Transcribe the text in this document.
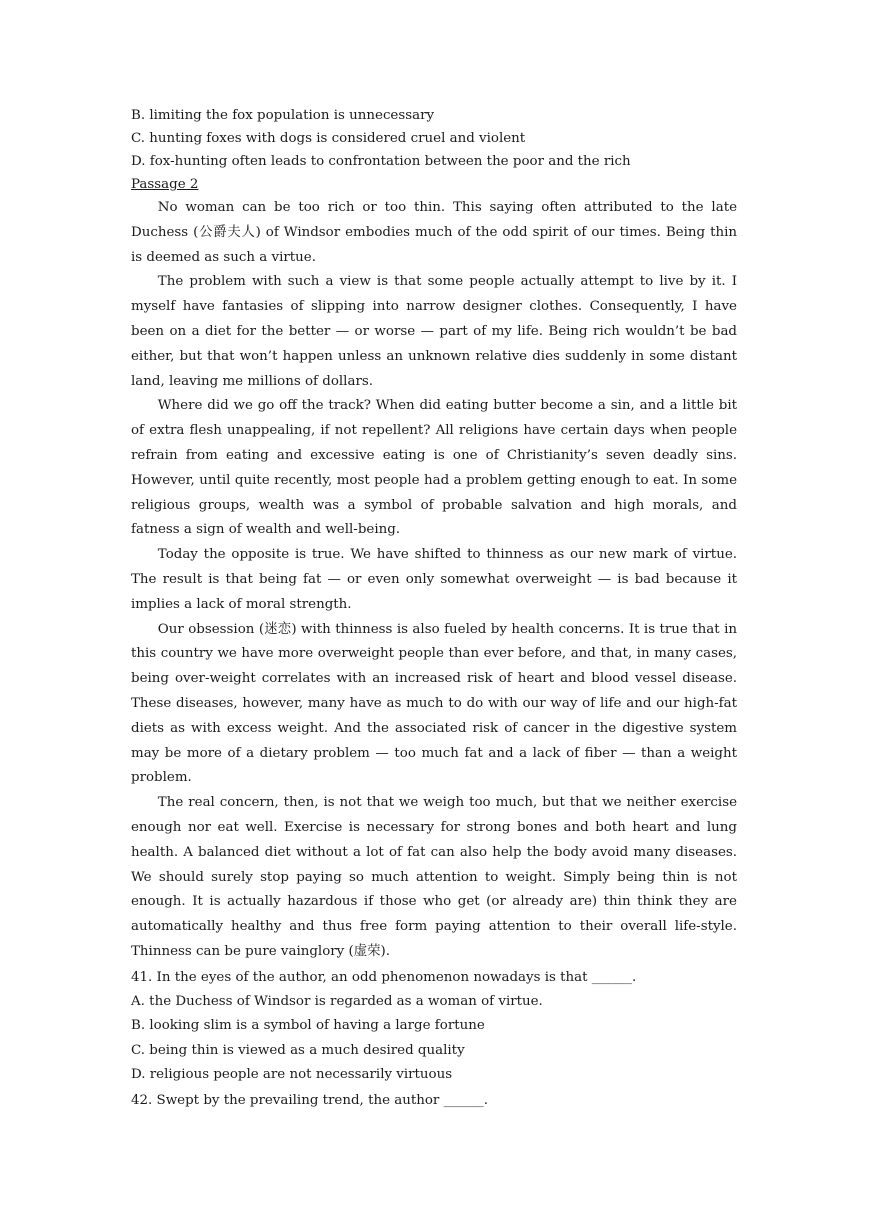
B. limiting the fox population is unnecessary

C. hunting foxes with dogs is considered cruel and violent

D. fox-hunting often leads to confrontation between the poor and the rich

Passage 2

No woman can be too rich or too thin. This saying often attributed to the late Duchess (公爵夫人) of Windsor embodies much of the odd spirit of our times. Being thin is deemed as such a virtue.

The problem with such a view is that some people actually attempt to live by it. I myself have fantasies of slipping into narrow designer clothes. Consequently, I have been on a diet for the better — or worse — part of my life. Being rich wouldn’t be bad either, but that won’t happen unless an unknown relative dies suddenly in some distant land, leaving me millions of dollars.

Where did we go off the track? When did eating butter become a sin, and a little bit of extra flesh unappealing, if not repellent? All religions have certain days when people refrain from eating and excessive eating is one of Christianity’s seven deadly sins. However, until quite recently, most people had a problem getting enough to eat. In some religious groups, wealth was a symbol of probable salvation and high morals, and fatness a sign of wealth and well-being.

Today the opposite is true. We have shifted to thinness as our new mark of virtue. The result is that being fat — or even only somewhat overweight — is bad because it implies a lack of moral strength.

Our obsession (迷恋) with thinness is also fueled by health concerns. It is true that in this country we have more overweight people than ever before, and that, in many cases, being over-weight correlates with an increased risk of heart and blood vessel disease. These diseases, however, many have as much to do with our way of life and our high-fat diets as with excess weight. And the associated risk of cancer in the digestive system may be more of a dietary problem — too much fat and a lack of fiber — than a weight problem.

The real concern, then, is not that we weigh too much, but that we neither exercise enough nor eat well. Exercise is necessary for strong bones and both heart and lung health. A balanced diet without a lot of fat can also help the body avoid many diseases. We should surely stop paying so much attention to weight. Simply being thin is not enough. It is actually hazardous if those who get (or already are) thin think they are automatically healthy and thus free form paying attention to their overall life-style. Thinness can be pure vainglory (虚荣).

41. In the eyes of the author, an odd phenomenon nowadays is that ______.

A. the Duchess of Windsor is regarded as a woman of virtue.

B. looking slim is a symbol of having a large fortune

C. being thin is viewed as a much desired quality

D. religious people are not necessarily virtuous

42. Swept by the prevailing trend, the author ______.
